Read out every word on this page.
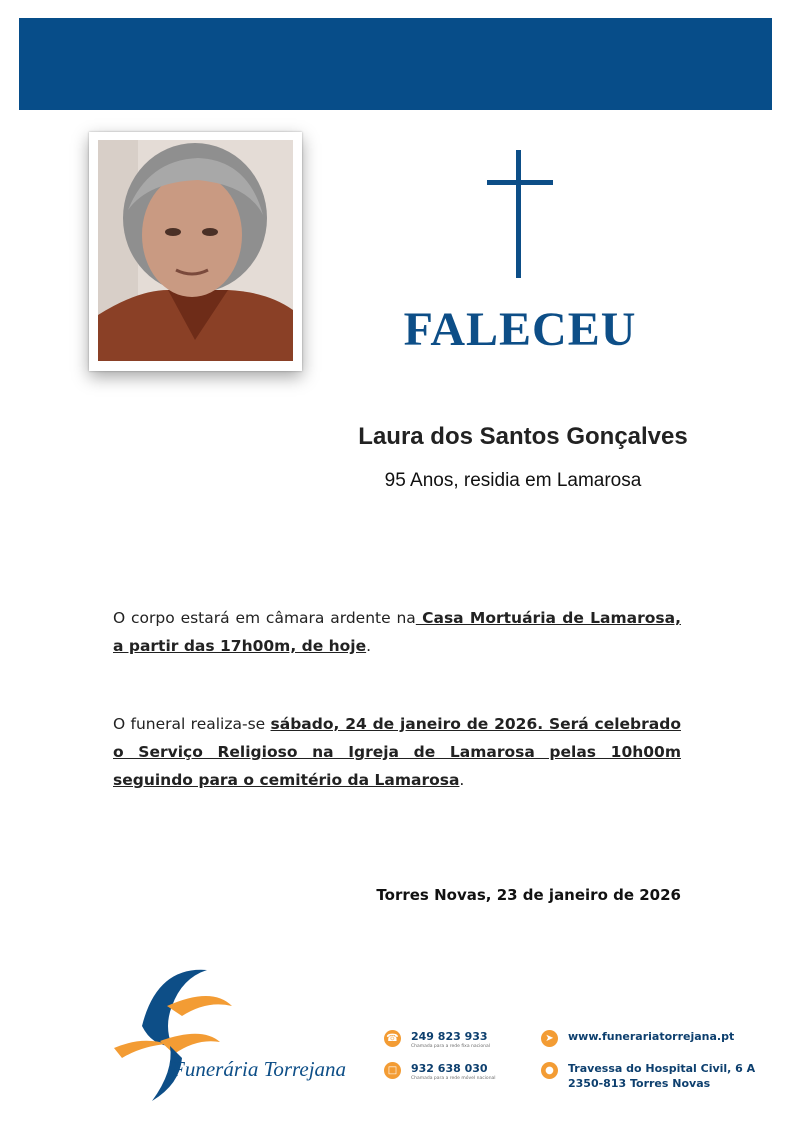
FALECEU
Laura dos Santos Gonçalves
95 Anos, residia em Lamarosa
O corpo estará em câmara ardente na Casa Mortuária de Lamarosa, a partir das 17h00m, de hoje.
O funeral realiza-se sábado, 24 de janeiro de 2026. Será celebrado o Serviço Religioso na Igreja de Lamarosa pelas 10h00m seguindo para o cemitério da Lamarosa.
Torres Novas, 23 de janeiro de 2026
Funerária Torrejana
☎ 249 823 933
Chamada para a rede fixa nacional
□	932 638 030
Chamada para a rede móvel nacional
➤	www.funerariatorrejana.pt
●	Travessa do Hospital Civil, 6 A
2350-813 Torres Novas
